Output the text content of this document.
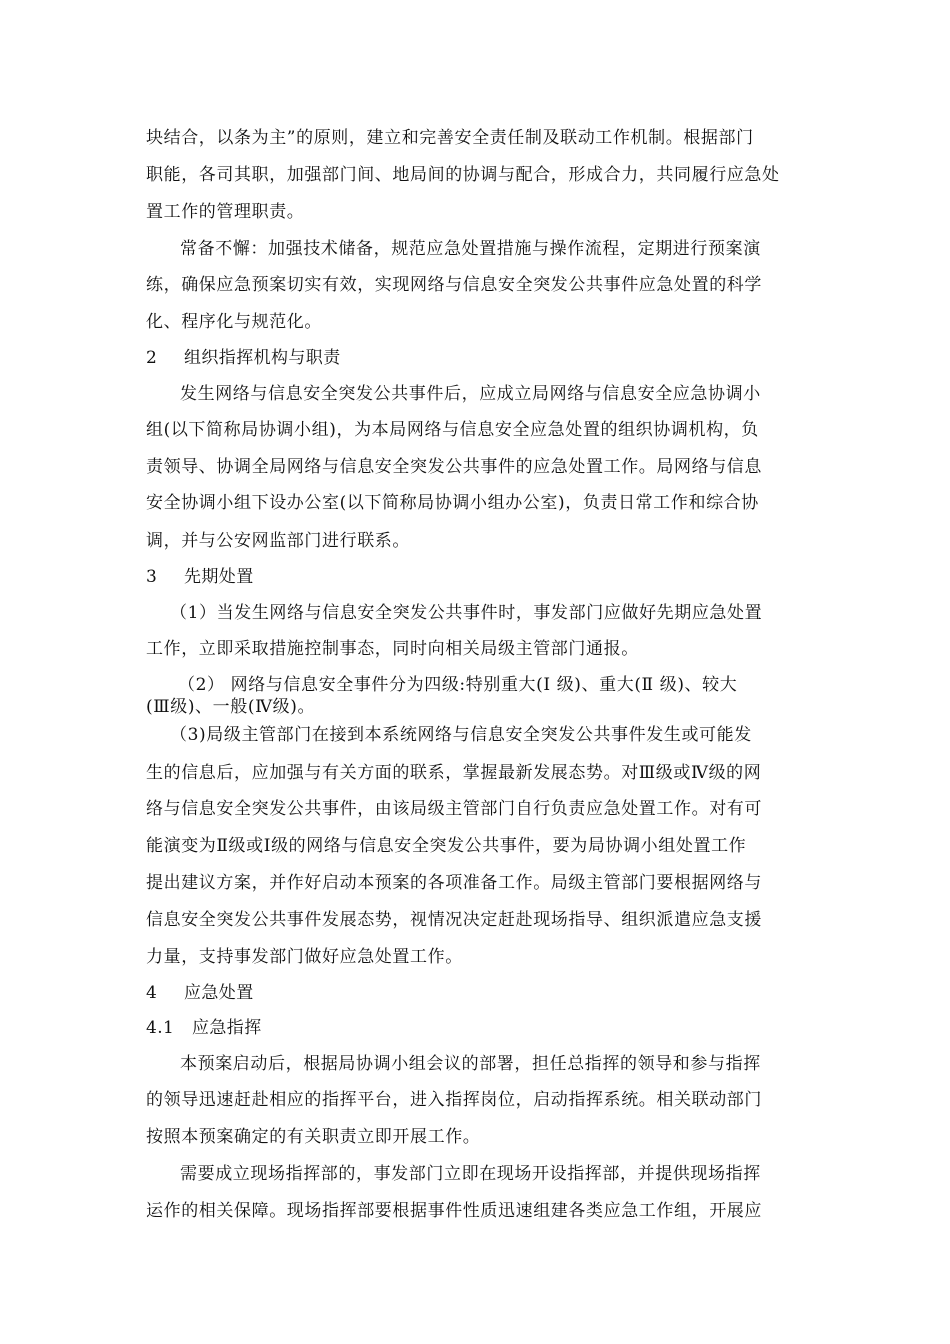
块结合，以条为主”的原则，建立和完善安全责任制及联动工作机制。根据部门
职能，各司其职，加强部门间、地局间的协调与配合，形成合力，共同履行应急处
置工作的管理职责。
常备不懈：加强技术储备，规范应急处置措施与操作流程，定期进行预案演
练，确保应急预案切实有效，实现网络与信息安全突发公共事件应急处置的科学
化、程序化与规范化。
2 组织指挥机构与职责
发生网络与信息安全突发公共事件后，应成立局网络与信息安全应急协调小
组(以下简称局协调小组)，为本局网络与信息安全应急处置的组织协调机构，负
责领导、协调全局网络与信息安全突发公共事件的应急处置工作。局网络与信息
安全协调小组下设办公室(以下简称局协调小组办公室)，负责日常工作和综合协
调，并与公安网监部门进行联系。
3 先期处置
（1）当发生网络与信息安全突发公共事件时，事发部门应做好先期应急处置
工作，立即采取措施控制事态，同时向相关局级主管部门通报。
（2） 网络与信息安全事件分为四级:特别重大(Ⅰ 级)、重大(Ⅱ 级)、较大
(Ⅲ级)、一般(Ⅳ级)。
（3)局级主管部门在接到本系统网络与信息安全突发公共事件发生或可能发
生的信息后，应加强与有关方面的联系，掌握最新发展态势。对Ⅲ级或Ⅳ级的网
络与信息安全突发公共事件，由该局级主管部门自行负责应急处置工作。对有可
能演变为Ⅱ级或Ⅰ级的网络与信息安全突发公共事件，要为局协调小组处置工作
提出建议方案，并作好启动本预案的各项准备工作。局级主管部门要根据网络与
信息安全突发公共事件发展态势，视情况决定赶赴现场指导、组织派遣应急支援
力量，支持事发部门做好应急处置工作。
4 应急处置
4.1 应急指挥
本预案启动后，根据局协调小组会议的部署，担任总指挥的领导和参与指挥
的领导迅速赶赴相应的指挥平台，进入指挥岗位，启动指挥系统。相关联动部门
按照本预案确定的有关职责立即开展工作。
需要成立现场指挥部的，事发部门立即在现场开设指挥部，并提供现场指挥
运作的相关保障。现场指挥部要根据事件性质迅速组建各类应急工作组，开展应
